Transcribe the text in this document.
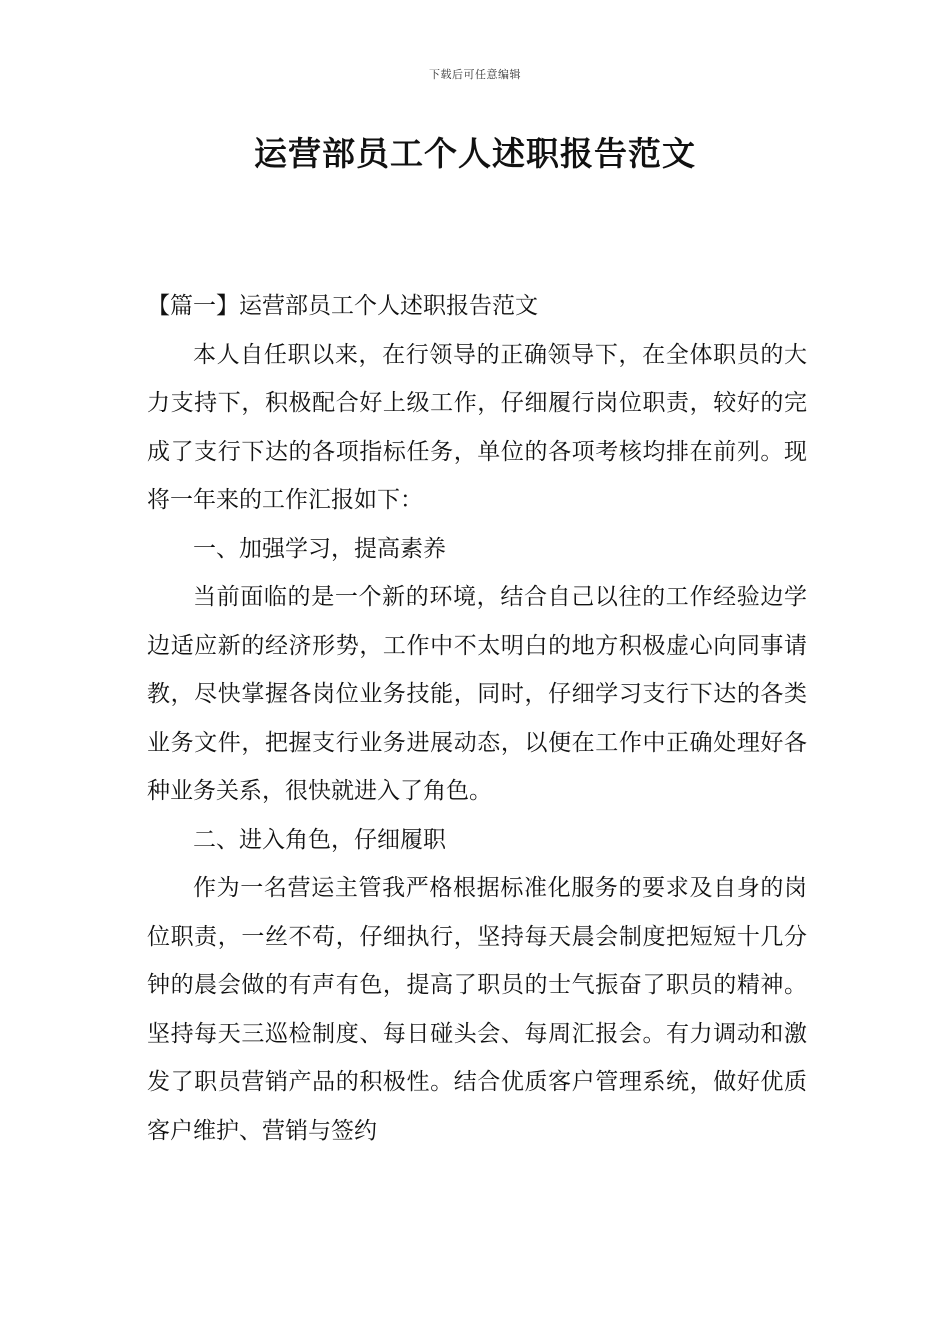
下载后可任意编辑
运营部员工个人述职报告范文

【篇一】运营部员工个人述职报告范文

本人自任职以来，在行领导的正确领导下，在全体职员的大力支持下，积极配合好上级工作，仔细履行岗位职责，较好的完成了支行下达的各项指标任务，单位的各项考核均排在前列。现将一年来的工作汇报如下：

一、加强学习，提高素养

当前面临的是一个新的环境，结合自己以往的工作经验边学边适应新的经济形势，工作中不太明白的地方积极虚心向同事请教，尽快掌握各岗位业务技能，同时，仔细学习支行下达的各类业务文件，把握支行业务进展动态，以便在工作中正确处理好各种业务关系，很快就进入了角色。

二、进入角色，仔细履职

作为一名营运主管我严格根据标准化服务的要求及自身的岗位职责，一丝不苟，仔细执行，坚持每天晨会制度把短短十几分钟的晨会做的有声有色，提高了职员的士气振奋了职员的精神。坚持每天三巡检制度、每日碰头会、每周汇报会。有力调动和激发了职员营销产品的积极性。结合优质客户管理系统，做好优质客户维护、营销与签约
